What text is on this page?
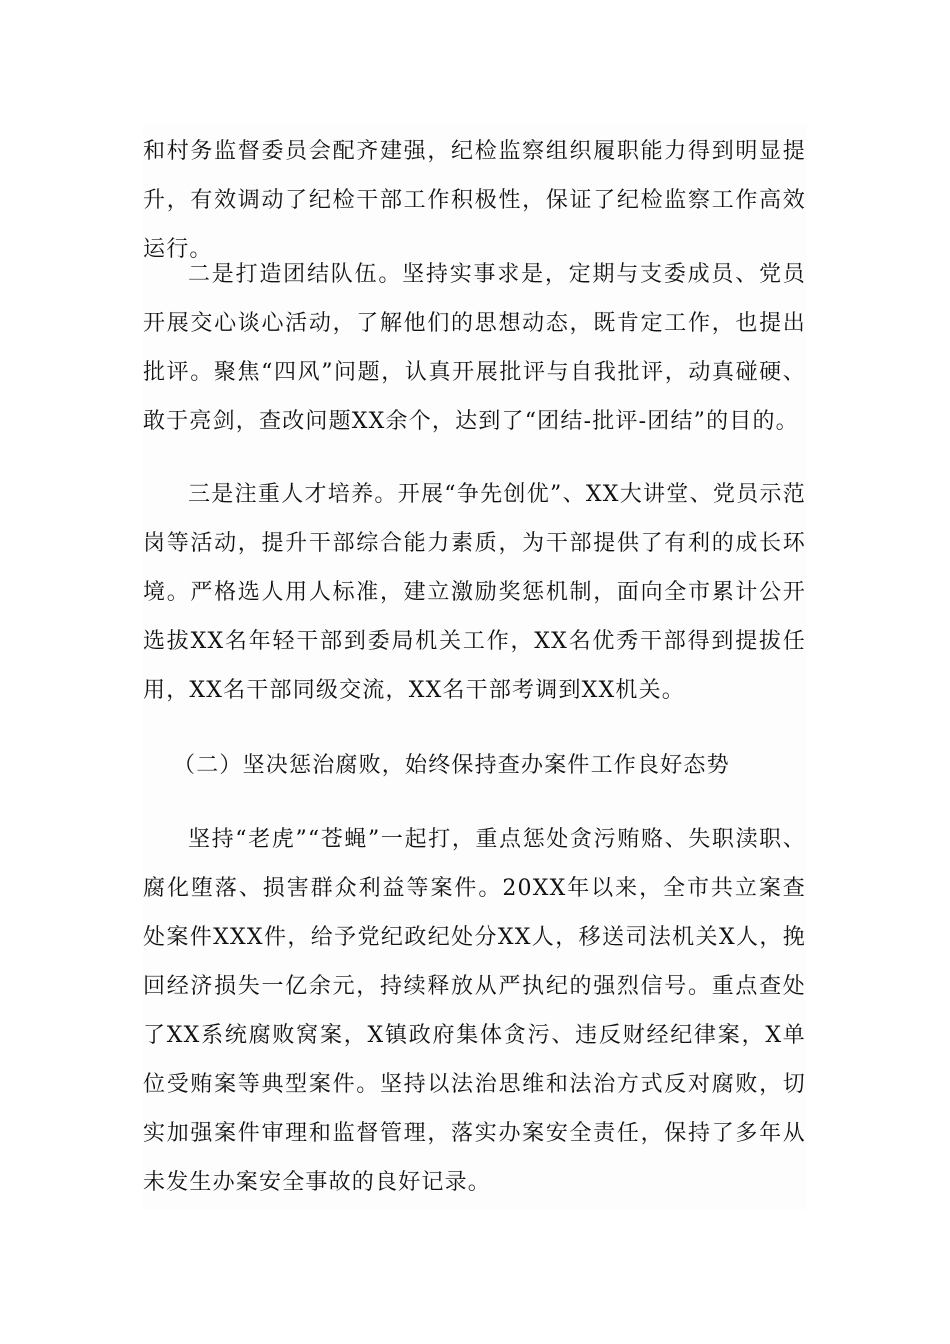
和村务监督委员会配齐建强，纪检监察组织履职能力得到明显提升，有效调动了纪检干部工作积极性，保证了纪检监察工作高效运行。

二是打造团结队伍。坚持实事求是，定期与支委成员、党员开展交心谈心活动，了解他们的思想动态，既肯定工作，也提出批评。聚焦“四风”问题，认真开展批评与自我批评，动真碰硬、敢于亮剑，查改问题XX余个，达到了“团结-批评-团结”的目的。

三是注重人才培养。开展“争先创优”、XX大讲堂、党员示范岗等活动，提升干部综合能力素质，为干部提供了有利的成长环境。严格选人用人标准，建立激励奖惩机制，面向全市累计公开选拔XX名年轻干部到委局机关工作，XX名优秀干部得到提拔任用，XX名干部同级交流，XX名干部考调到XX机关。

（二）坚决惩治腐败，始终保持查办案件工作良好态势

坚持“老虎”“苍蝇”一起打，重点惩处贪污贿赂、失职渎职、腐化堕落、损害群众利益等案件。20XX年以来，全市共立案查处案件XXX件，给予党纪政纪处分XX人，移送司法机关X人，挽回经济损失一亿余元，持续释放从严执纪的强烈信号。重点查处了XX系统腐败窝案，X镇政府集体贪污、违反财经纪律案，X单位受贿案等典型案件。坚持以法治思维和法治方式反对腐败，切实加强案件审理和监督管理，落实办案安全责任，保持了多年从未发生办案安全事故的良好记录。
